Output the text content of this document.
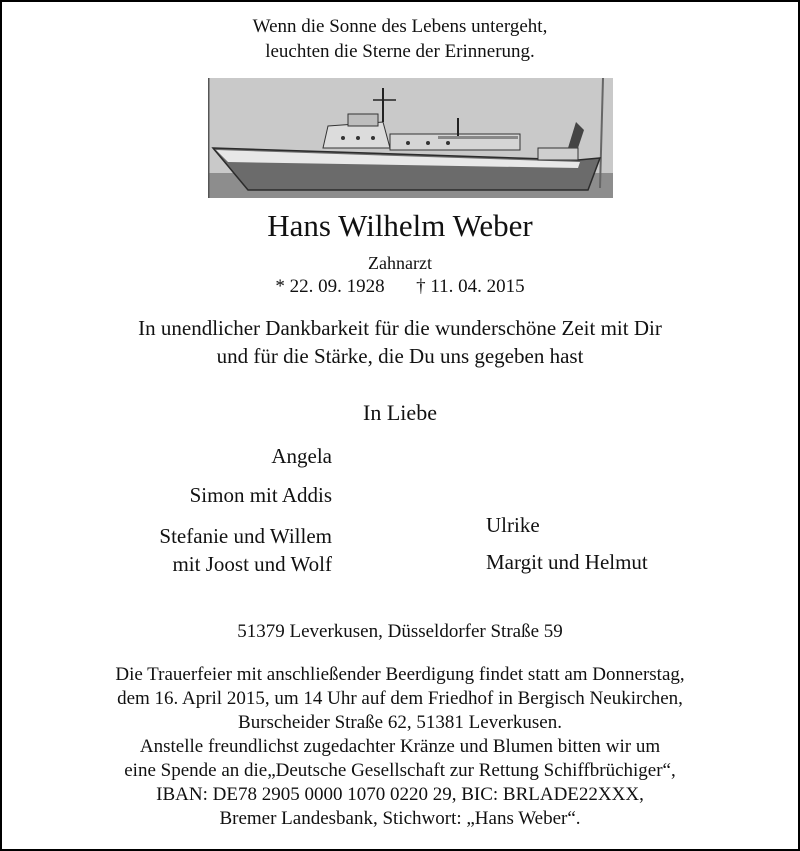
Wenn die Sonne des Lebens untergeht,
leuchten die Sterne der Erinnerung.
Hans Wilhelm Weber
Zahnarzt
* 22. 09. 1928 † 11. 04. 2015
In unendlicher Dankbarkeit für die wunderschöne Zeit mit Dir
und für die Stärke, die Du uns gegeben hast
In Liebe
Angela
Simon mit Addis
Stefanie und Willem
mit Joost und Wolf
Ulrike
Margit und Helmut
51379 Leverkusen, Düsseldorfer Straße 59
Die Trauerfeier mit anschließender Beerdigung findet statt am Donnerstag,
dem 16. April 2015, um 14 Uhr auf dem Friedhof in Bergisch Neukirchen,
Burscheider Straße 62, 51381 Leverkusen.
Anstelle freundlichst zugedachter Kränze und Blumen bitten wir um
eine Spende an die„Deutsche Gesellschaft zur Rettung Schiffbrüchiger“,
IBAN: DE78 2905 0000 1070 0220 29, BIC: BRLADE22XXX,
Bremer Landesbank, Stichwort: „Hans Weber“.
